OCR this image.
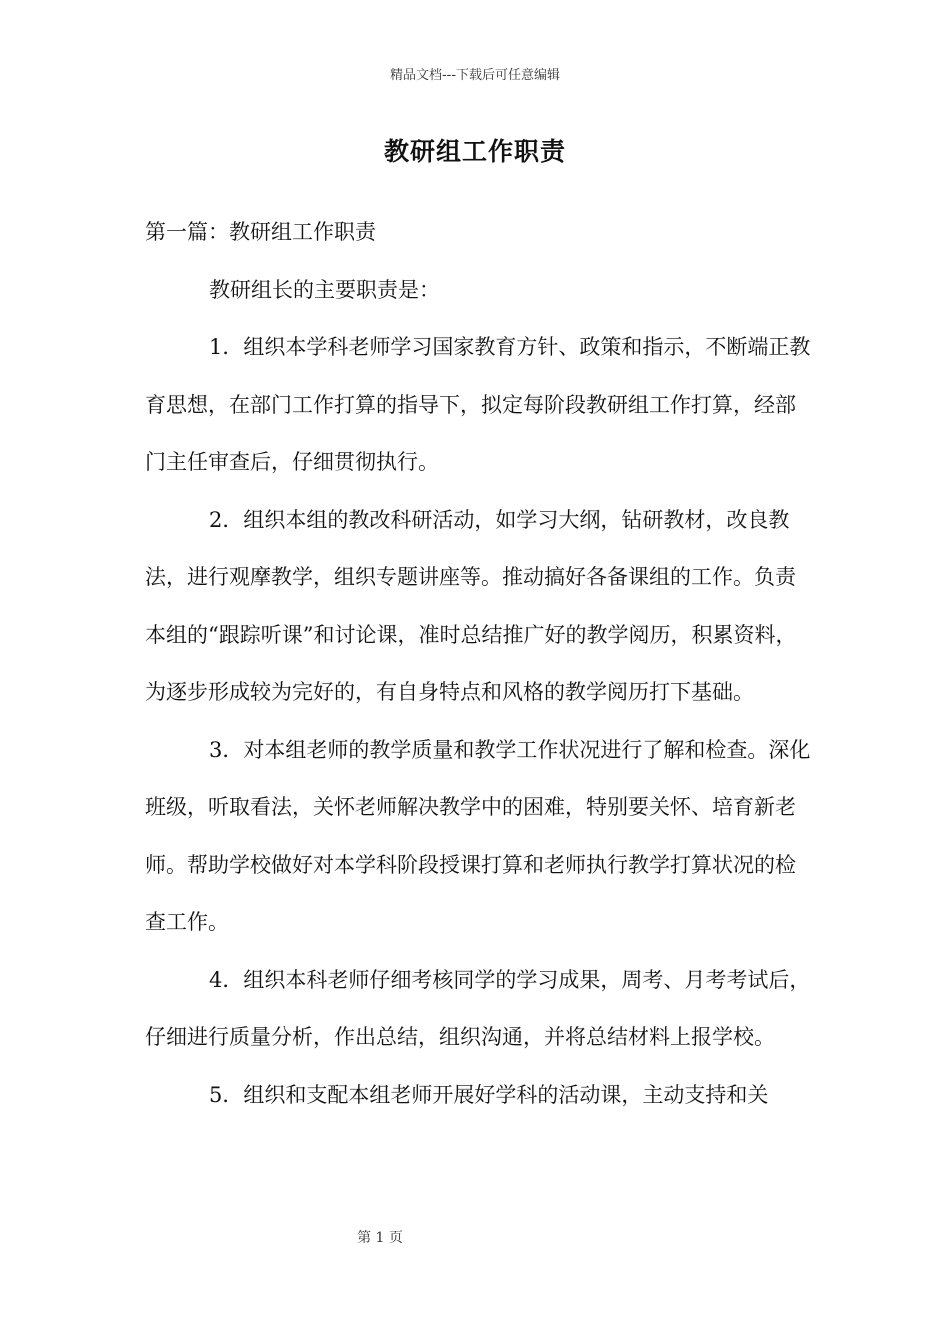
精品文档---下载后可任意编辑
教研组工作职责

第一篇：教研组工作职责

教研组长的主要职责是：

1．组织本学科老师学习国家教育方针、政策和指示，不断端正教育思想，在部门工作打算的指导下，拟定每阶段教研组工作打算，经部门主任审查后，仔细贯彻执行。

2．组织本组的教改科研活动，如学习大纲，钻研教材，改良教法，进行观摩教学，组织专题讲座等。推动搞好各备课组的工作。负责本组的“跟踪听课”和讨论课，准时总结推广好的教学阅历，积累资料，为逐步形成较为完好的，有自身特点和风格的教学阅历打下基础。

3．对本组老师的教学质量和教学工作状况进行了解和检查。深化班级，听取看法，关怀老师解决教学中的困难，特别要关怀、培育新老师。帮助学校做好对本学科阶段授课打算和老师执行教学打算状况的检查工作。

4．组织本科老师仔细考核同学的学习成果，周考、月考考试后，仔细进行质量分析，作出总结，组织沟通，并将总结材料上报学校。

5．组织和支配本组老师开展好学科的活动课，主动支持和关

第 1 页
